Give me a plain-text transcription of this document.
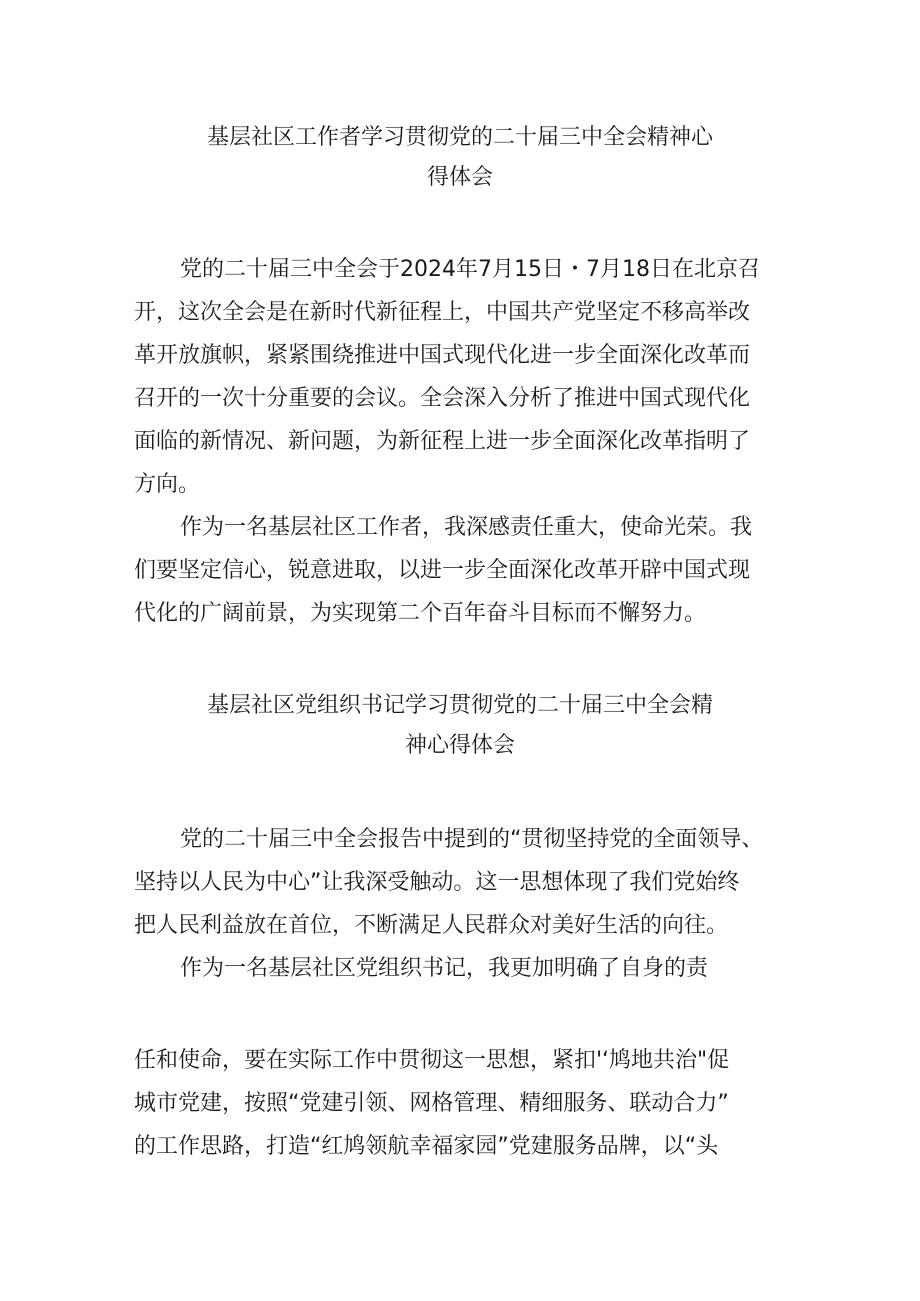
基层社区工作者学习贯彻党的二十届三中全会精神心
得体会

党的二十届三中全会于2024年7月15日・7月18日在北京召
开，这次全会是在新时代新征程上，中国共产党坚定不移高举改
革开放旗帜，紧紧围绕推进中国式现代化进一步全面深化改革而
召开的一次十分重要的会议。全会深入分析了推进中国式现代化
面临的新情况、新问题，为新征程上进一步全面深化改革指明了
方向。

作为一名基层社区工作者，我深感责任重大，使命光荣。我
们要坚定信心，锐意进取，以进一步全面深化改革开辟中国式现
代化的广阔前景，为实现第二个百年奋斗目标而不懈努力。

基层社区党组织书记学习贯彻党的二十届三中全会精
神心得体会

党的二十届三中全会报告中提到的“贯彻坚持党的全面领导、
坚持以人民为中心”让我深受触动。这一思想体现了我们党始终
把人民利益放在首位，不断满足人民群众对美好生活的向往。

作为一名基层社区党组织书记，我更加明确了自身的责

任和使命，要在实际工作中贯彻这一思想，紧扣'‘鸠地共治"促
城市党建，按照“党建引领、网格管理、精细服务、联动合力”
的工作思路，打造“红鸠领航幸福家园”党建服务品牌，以“头
